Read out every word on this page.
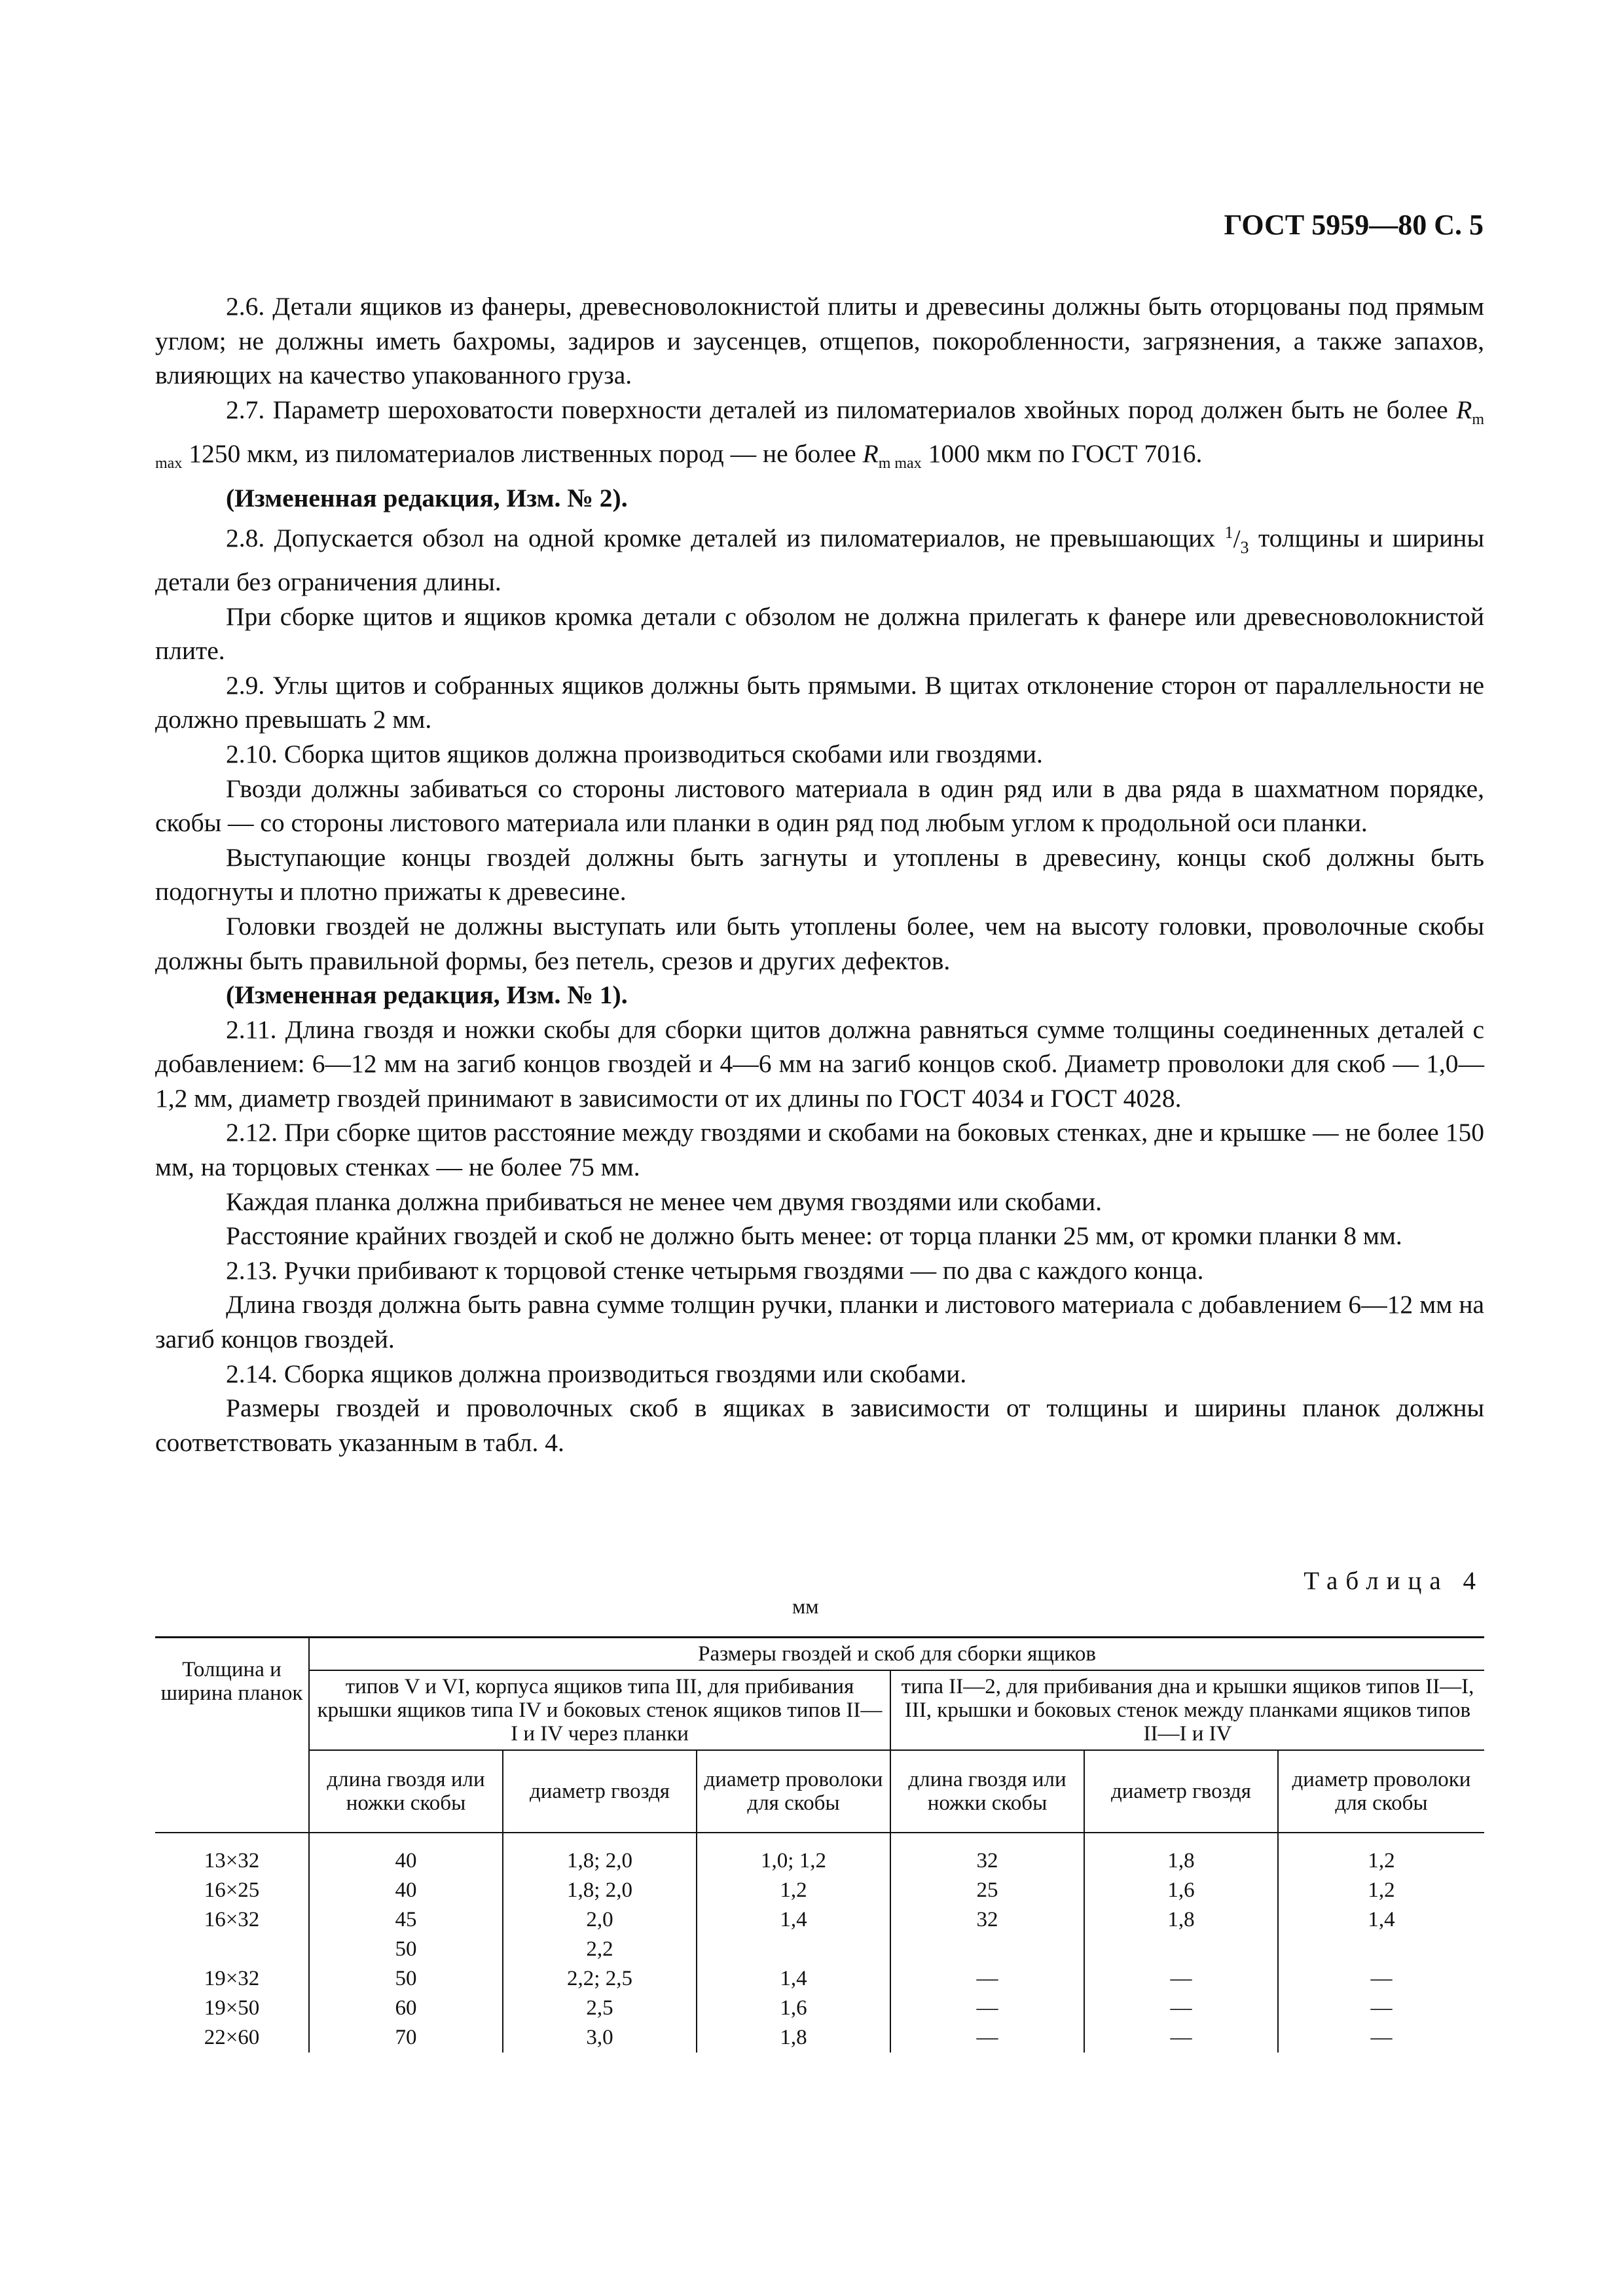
ГОСТ 5959—80 С. 5

2.6. Детали ящиков из фанеры, древесноволокнистой плиты и древесины должны быть оторцованы под прямым углом; не должны иметь бахромы, задиров и заусенцев, отщепов, покоробленности, загрязнения, а также запахов, влияющих на качество упакованного груза.

2.7. Параметр шероховатости поверхности деталей из пиломатериалов хвойных пород должен быть не более $R_{m max}$ 1250 мкм, из пиломатериалов лиственных пород — не более $R_{m max}$ 1000 мкм по ГОСТ 7016.

(Измененная редакция, Изм. № 2).

2.8. Допускается обзол на одной кромке деталей из пиломатериалов, не превышающих $^1/_3$ толщины и ширины детали без ограничения длины.

При сборке щитов и ящиков кромка детали с обзолом не должна прилегать к фанере или древесноволокнистой плите.

2.9. Углы щитов и собранных ящиков должны быть прямыми. В щитах отклонение сторон от параллельности не должно превышать 2 мм.

2.10. Сборка щитов ящиков должна производиться скобами или гвоздями.

Гвозди должны забиваться со стороны листового материала в один ряд или в два ряда в шахматном порядке, скобы — со стороны листового материала или планки в один ряд под любым углом к продольной оси планки.

Выступающие концы гвоздей должны быть загнуты и утоплены в древесину, концы скоб должны быть подогнуты и плотно прижаты к древесине.

Головки гвоздей не должны выступать или быть утоплены более, чем на высоту головки, проволочные скобы должны быть правильной формы, без петель, срезов и других дефектов.

(Измененная редакция, Изм. № 1).

2.11. Длина гвоздя и ножки скобы для сборки щитов должна равняться сумме толщины соединенных деталей с добавлением: 6—12 мм на загиб концов гвоздей и 4—6 мм на загиб концов скоб. Диаметр проволоки для скоб — 1,0—1,2 мм, диаметр гвоздей принимают в зависимости от их длины по ГОСТ 4034 и ГОСТ 4028.

2.12. При сборке щитов расстояние между гвоздями и скобами на боковых стенках, дне и крышке — не более 150 мм, на торцовых стенках — не более 75 мм.

Каждая планка должна прибиваться не менее чем двумя гвоздями или скобами.

Расстояние крайних гвоздей и скоб не должно быть менее: от торца планки 25 мм, от кромки планки 8 мм.

2.13. Ручки прибивают к торцовой стенке четырьмя гвоздями — по два с каждого конца.

Длина гвоздя должна быть равна сумме толщин ручки, планки и листового материала с добавлением 6—12 мм на загиб концов гвоздей.

2.14. Сборка ящиков должна производиться гвоздями или скобами.

Размеры гвоздей и проволочных скоб в ящиках в зависимости от толщины и ширины планок должны соответствовать указанным в табл. 4.

Таблица 4
мм
Толщина и ширина планок	Размеры гвоздей и скоб для сборки ящиков					
	типов V и VI, корпуса ящиков типа III, для прибивания крышки ящиков типа IV и боковых стенок ящиков типов II—I и IV через планки			типа II—2, для прибивания дна и крышки ящиков типов II—I, III, крышки и боковых стенок между планками ящиков типов II—I и IV		
	длина гвоздя или ножки скобы	диаметр гвоздя	диаметр проволоки для скобы	длина гвоздя или ножки скобы	диаметр гвоздя	диаметр проволоки для скобы
13×32	40	1,8; 2,0	1,0; 1,2	32	1,8	1,2
16×25	40	1,8; 2,0	1,2	25	1,6	1,2
16×32	45	2,0	1,4	32	1,8	1,4
	50	2,2				
19×32	50	2,2; 2,5	1,4	—	—	—
19×50	60	2,5	1,6	—	—	—
22×60	70	3,0	1,8	—	—	—
